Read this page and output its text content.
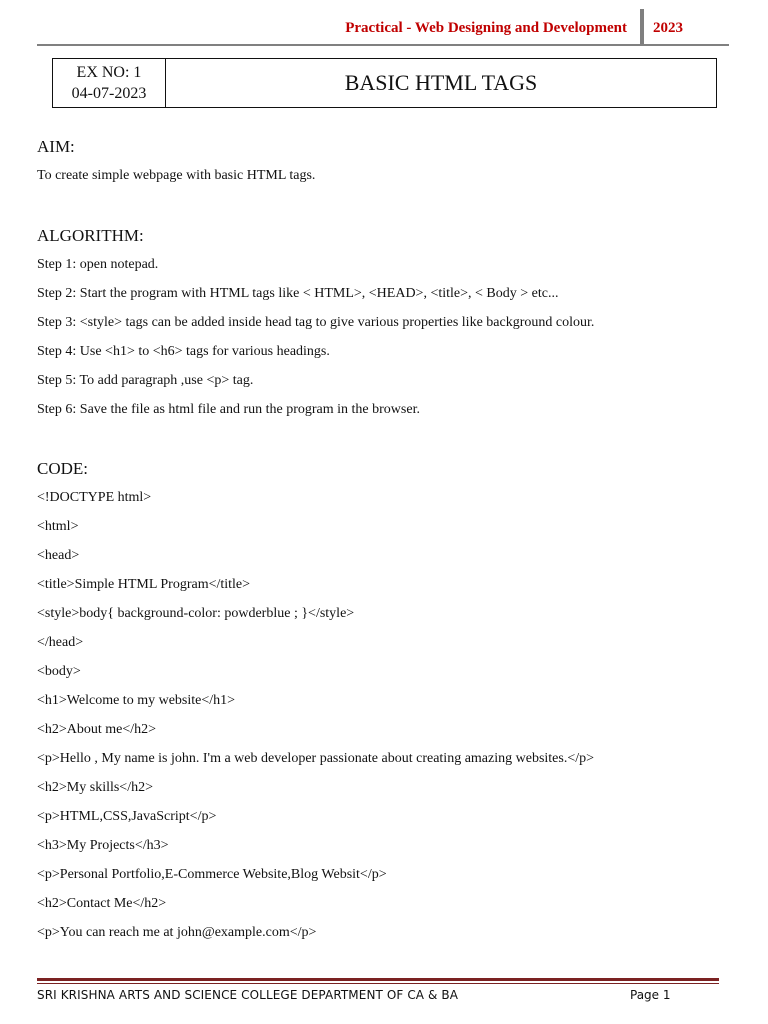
Practical - Web Designing and Development 2023
EX NO: 1
04-07-2023	BASIC HTML TAGS
AIM:
To create simple webpage with basic HTML tags.
ALGORITHM:
Step 1: open notepad.
Step 2: Start the program with HTML tags like < HTML>, <HEAD>, <title>, < Body > etc...
Step 3: <style> tags can be added inside head tag to give various properties like background colour.
Step 4: Use <h1> to <h6> tags for various headings.
Step 5: To add paragraph ,use <p> tag.
Step 6: Save the file as html file and run the program in the browser.
CODE:
<!DOCTYPE html>
<html>
<head>
<title>Simple HTML Program</title>
<style>body{ background-color: powderblue ; }</style>
</head>
<body>
<h1>Welcome to my website</h1>
<h2>About me</h2>
<p>Hello , My name is john. I'm a web developer passionate about creating amazing websites.</p>
<h2>My skills</h2>
<p>HTML,CSS,JavaScript</p>
<h3>My Projects</h3>
<p>Personal Portfolio,E-Commerce Website,Blog Websit</p>
<h2>Contact Me</h2>
<p>You can reach me at john@example.com</p>
SRI KRISHNA ARTS AND SCIENCE COLLEGE DEPARTMENT OF CA & BA	Page 1
